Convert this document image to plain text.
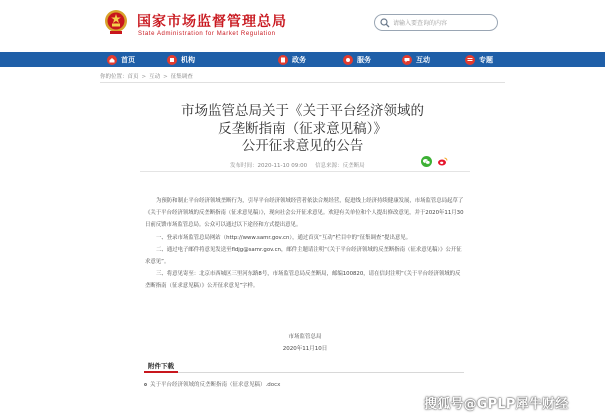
国家市场监督管理总局
State Administration for Market Regulation
请输入要查询的内容
首页	机构	政务	服务	互动	专题
你的位置：首页 > 互动 > 征集调查
市场监管总局关于《关于平台经济领域的
反垄断指南（征求意见稿）》
公开征求意见的公告
发布时间：2020-11-10 09:00 信息来源：反垄断局

为预防和制止平台经济领域垄断行为，引导平台经济领域经营者依法合规经营，促进线上经济持续健康发展，市场监管总局起草了《关于平台经济领域的反垄断指南（征求意见稿）》，现向社会公开征求意见。欢迎有关单位和个人提出修改意见，并于2020年11月30日前反馈市场监管总局。公众可以通过以下途径和方式提出意见。

一、登录市场监管总局网站（http://www.samr.gov.cn），通过首页“互动”栏目中的“征集调查”提出意见。

二、通过电子邮件将意见发送至fldjg@samr.gov.cn，邮件主题请注明“《关于平台经济领域的反垄断指南（征求意见稿）》公开征求意见”。

三、将意见寄至：北京市西城区三里河东路8号，市场监管总局反垄断局，邮编100820，请在信封注明“《关于平台经济领域的反垄断指南（征求意见稿）》公开征求意见”字样。

市场监管总局
2020年11月10日
附件下载
关于平台经济领域的反垄断指南（征求意见稿）.docx
搜狐号@GPLP犀牛财经
